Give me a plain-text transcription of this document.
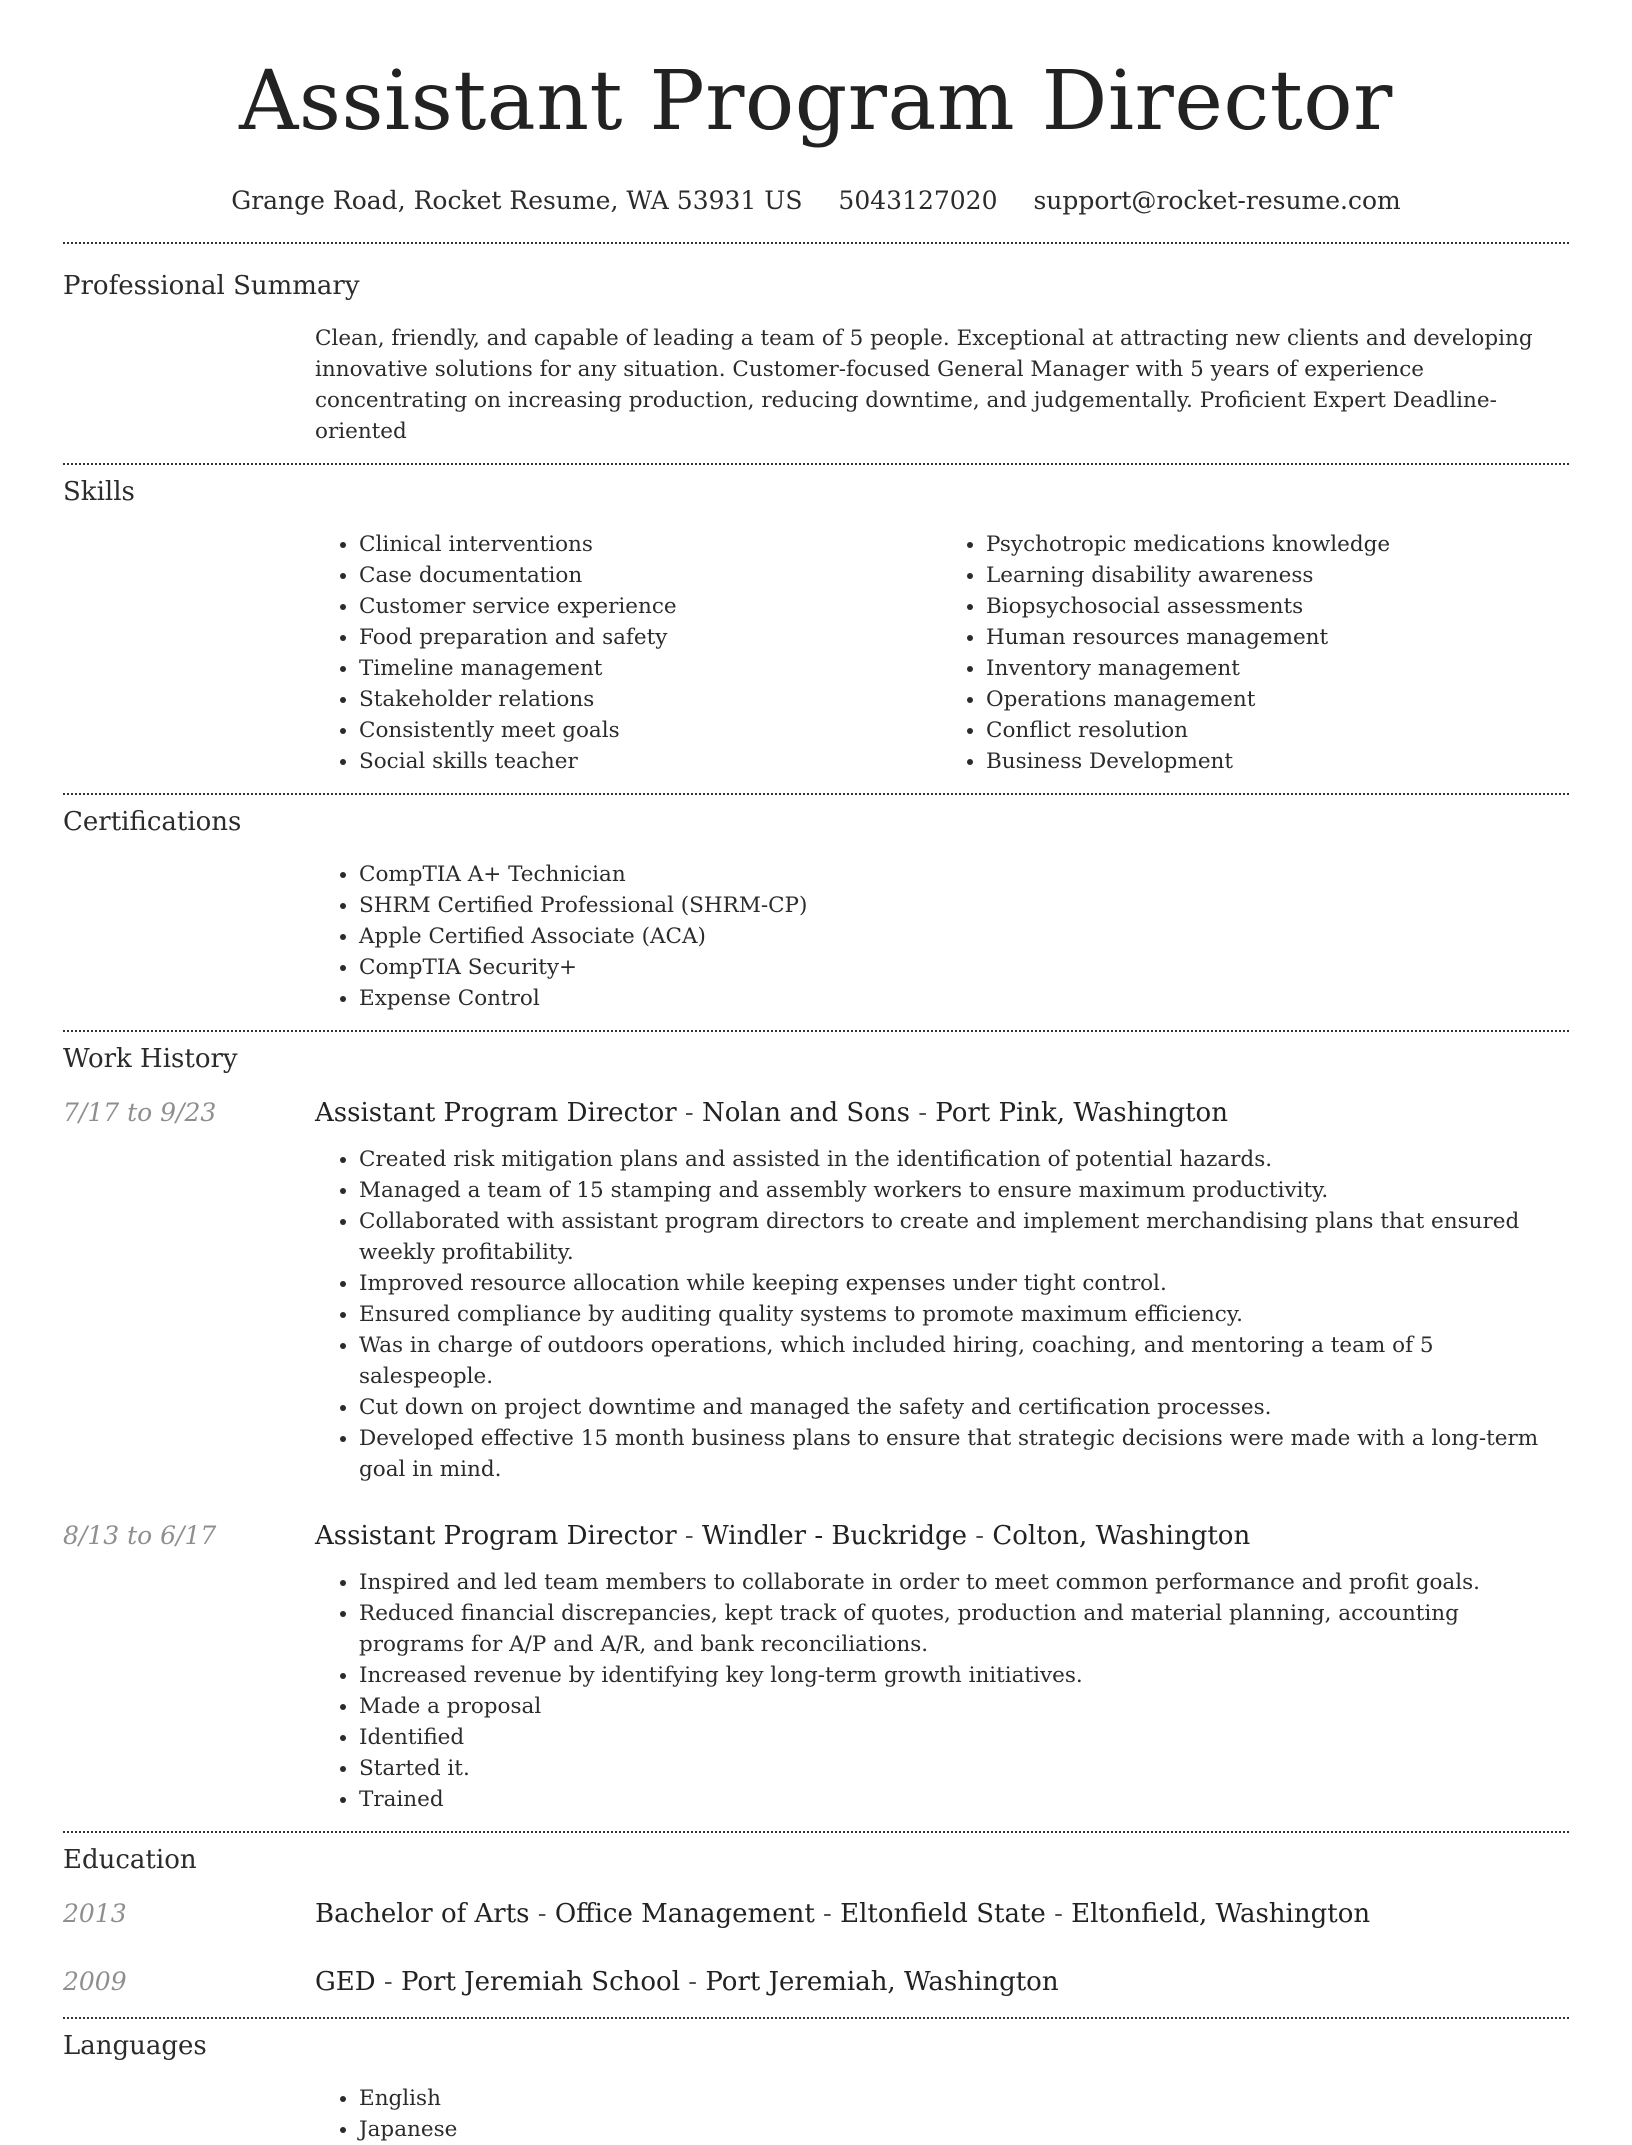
Assistant Program Director
Grange Road, Rocket Resume, WA 53931 US 5043127020 support@rocket-resume.com
Professional Summary
Clean, friendly, and capable of leading a team of 5 people. Exceptional at attracting new clients and developing innovative solutions for any situation. Customer-focused General Manager with 5 years of experience concentrating on increasing production, reducing downtime, and judgementally. Proficient Expert Deadline-oriented
Skills
• Clinical interventions
• Case documentation
• Customer service experience
• Food preparation and safety
• Timeline management
• Stakeholder relations
• Consistently meet goals
• Social skills teacher
• Psychotropic medications knowledge
• Learning disability awareness
• Biopsychosocial assessments
• Human resources management
• Inventory management
• Operations management
• Conflict resolution
• Business Development
Certifications
• CompTIA A+ Technician
• SHRM Certified Professional (SHRM-CP)
• Apple Certified Associate (ACA)
• CompTIA Security+
• Expense Control
Work History
7/17 to 9/23	Assistant Program Director - Nolan and Sons - Port Pink, Washington
• Created risk mitigation plans and assisted in the identification of potential hazards.
• Managed a team of 15 stamping and assembly workers to ensure maximum productivity.
• Collaborated with assistant program directors to create and implement merchandising plans that ensured weekly profitability.
• Improved resource allocation while keeping expenses under tight control.
• Ensured compliance by auditing quality systems to promote maximum efficiency.
• Was in charge of outdoors operations, which included hiring, coaching, and mentoring a team of 5 salespeople.
• Cut down on project downtime and managed the safety and certification processes.
• Developed effective 15 month business plans to ensure that strategic decisions were made with a long-term goal in mind.
8/13 to 6/17	Assistant Program Director - Windler - Buckridge - Colton, Washington
• Inspired and led team members to collaborate in order to meet common performance and profit goals.
• Reduced financial discrepancies, kept track of quotes, production and material planning, accounting programs for A/P and A/R, and bank reconciliations.
• Increased revenue by identifying key long-term growth initiatives.
• Made a proposal
• Identified
• Started it.
• Trained
Education
2013	Bachelor of Arts - Office Management - Eltonfield State - Eltonfield, Washington
2009	GED - Port Jeremiah School - Port Jeremiah, Washington
Languages
• English
• Japanese
